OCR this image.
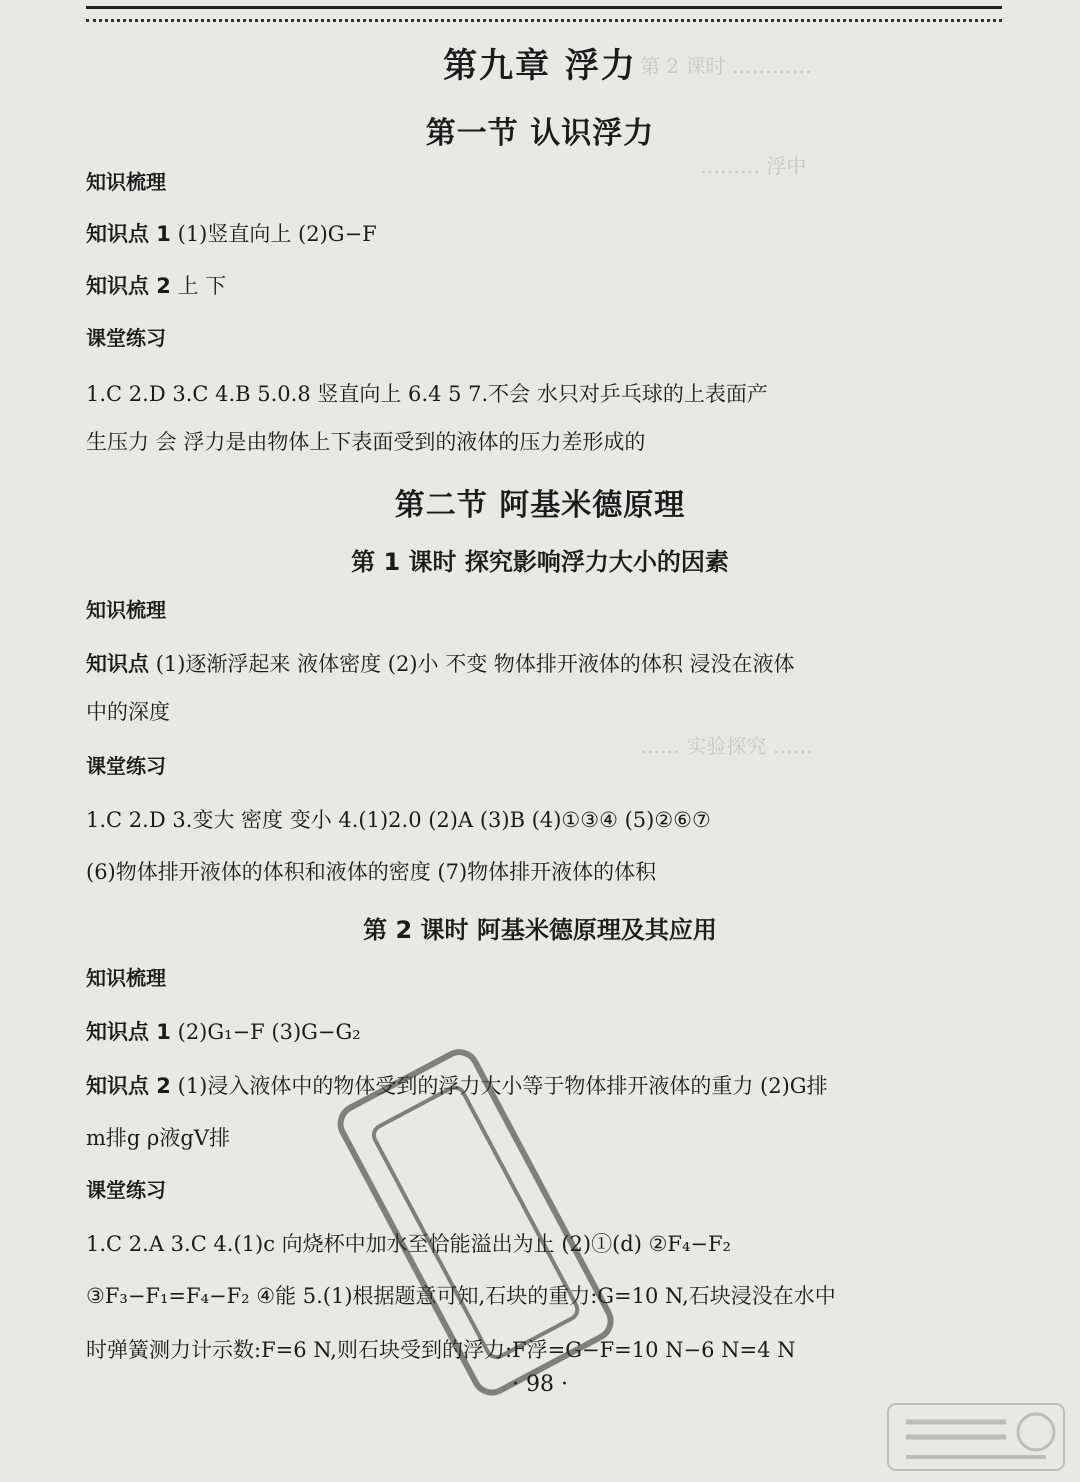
第 2 课时 …………
……… 浮中
…… 实验探究 ……
第九章 浮力
第一节 认识浮力
知识梳理
知识点 1 (1)竖直向上 (2)G−F
知识点 2 上 下
课堂练习
1.C 2.D 3.C 4.B 5.0.8 竖直向上 6.4 5 7.不会 水只对乒乓球的上表面产
生压力 会 浮力是由物体上下表面受到的液体的压力差形成的
第二节 阿基米德原理
第 1 课时 探究影响浮力大小的因素
知识梳理
知识点 (1)逐渐浮起来 液体密度 (2)小 不变 物体排开液体的体积 浸没在液体
中的深度
课堂练习
1.C 2.D 3.变大 密度 变小 4.(1)2.0 (2)A (3)B (4)①③④ (5)②⑥⑦
(6)物体排开液体的体积和液体的密度 (7)物体排开液体的体积
第 2 课时 阿基米德原理及其应用
知识梳理
知识点 1 (2)G₁−F (3)G−G₂
知识点 2 (1)浸入液体中的物体受到的浮力大小等于物体排开液体的重力 (2)G排
m排g ρ液gV排
课堂练习
1.C 2.A 3.C 4.(1)c 向烧杯中加水至恰能溢出为止 (2)①(d) ②F₄−F₂
③F₃−F₁=F₄−F₂ ④能 5.(1)根据题意可知,石块的重力:G=10 N,石块浸没在水中
时弹簧测力计示数:F=6 N,则石块受到的浮力:F浮=G−F=10 N−6 N=4 N
· 98 ·
